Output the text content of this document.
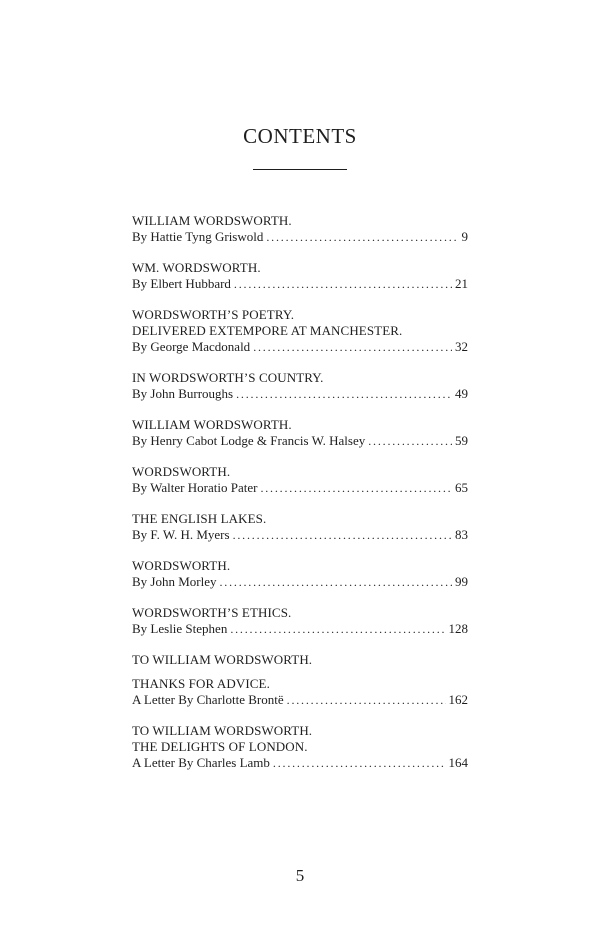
CONTENTS
WILLIAM WORDSWORTH.
By Hattie Tyng Griswold . . .	9
WM. WORDSWORTH.
By Elbert Hubbard . . .	21
WORDSWORTH’S POETRY.
DELIVERED EXTEMPORE AT MANCHESTER.
By George Macdonald . . .	32
IN WORDSWORTH’S COUNTRY.
By John Burroughs . . .	49
WILLIAM WORDSWORTH.
By Henry Cabot Lodge & Francis W. Halsey . . .	59
WORDSWORTH.
By Walter Horatio Pater . . .	65
THE ENGLISH LAKES.
By F. W. H. Myers . . .	83
WORDSWORTH.
By John Morley . . .	99
WORDSWORTH’S ETHICS.
By Leslie Stephen . . .	128
TO WILLIAM WORDSWORTH.
THANKS FOR ADVICE.
A Letter By Charlotte Brontë . . .	162
TO WILLIAM WORDSWORTH.
THE DELIGHTS OF LONDON.
A Letter By Charles Lamb . . .	164
5
